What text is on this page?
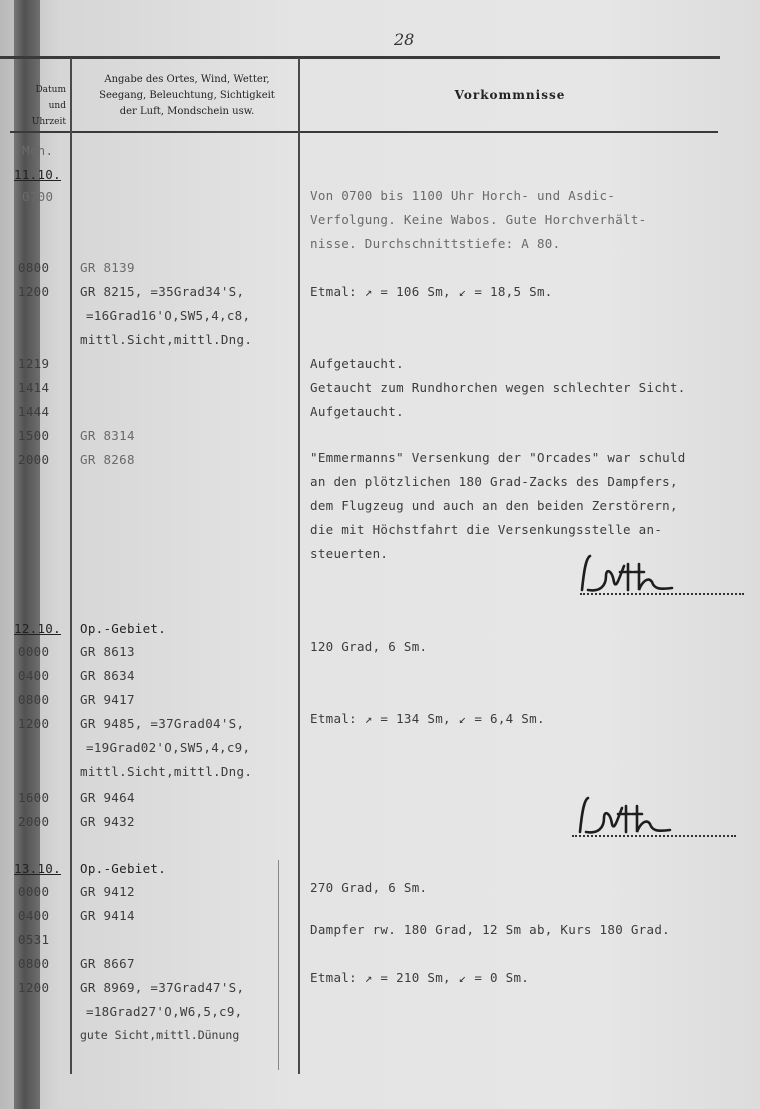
28
Datum
und
Uhrzeit
Angabe des Ortes, Wind, Wetter,
Seegang, Beleuchtung, Sichtigkeit
der Luft, Mondschein usw.
Vorkommnisse
Mch.
11.10.
0700
0800
1200
1219
1414
1444
1500
2000
12.10.
0000
0400
0800
1200
1600
2000
13.10.
0000
0400
0531
0800
1200
GR 8139
GR 8215, =35Grad34'S,
=16Grad16'O,SW5,4,c8,
mittl.Sicht,mittl.Dng.
GR 8314
GR 8268
Op.-Gebiet.
GR 8613
GR 8634
GR 9417
GR 9485, =37Grad04'S,
=19Grad02'O,SW5,4,c9,
mittl.Sicht,mittl.Dng.
GR 9464
GR 9432
Op.-Gebiet.
GR 9412
GR 9414
GR 8667
GR 8969, =37Grad47'S,
=18Grad27'O,W6,5,c9,
gute Sicht,mittl.Dünung
Von 0700 bis 1100 Uhr Horch- und Asdic-
Verfolgung. Keine Wabos. Gute Horchverhält-
nisse. Durchschnittstiefe: A 80.
Etmal: ↗ = 106 Sm, ↙ = 18,5 Sm.
Aufgetaucht.
Getaucht zum Rundhorchen wegen schlechter Sicht.
Aufgetaucht.
"Emmermanns" Versenkung der "Orcades" war schuld
an den plötzlichen 180 Grad-Zacks des Dampfers,
dem Flugzeug und auch an den beiden Zerstörern,
die mit Höchstfahrt die Versenkungsstelle an-
steuerten.
120 Grad, 6 Sm.
Etmal: ↗ = 134 Sm, ↙ = 6,4 Sm.
270 Grad, 6 Sm.
Dampfer rw. 180 Grad, 12 Sm ab, Kurs 180 Grad.
Etmal: ↗ = 210 Sm, ↙ = 0 Sm.
